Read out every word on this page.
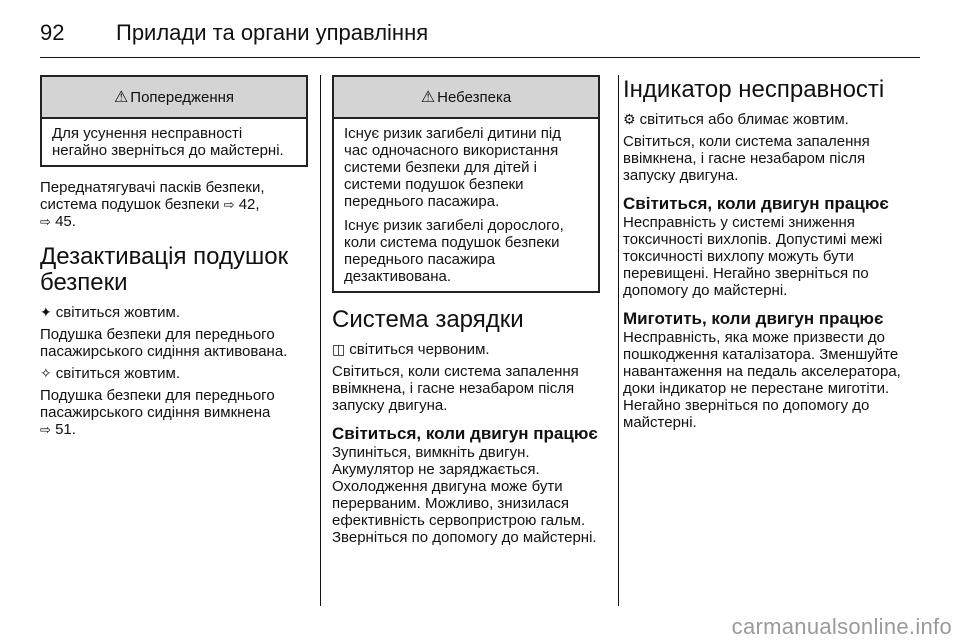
92 Прилади та органи управління
⚠ Попередження

Для усунення несправності негайно зверніться до майстерні.

Переднатягувачі пасків безпеки, система подушок безпеки ⇨ 42,
⇨ 45.

Дезактивація подушок безпеки

✦ світиться жовтим.

Подушка безпеки для переднього пасажирського сидіння активована.

✧ світиться жовтим.

Подушка безпеки для переднього пасажирського сидіння вимкнена
⇨ 51.

⚠ Небезпека

Існує ризик загибелі дитини під час одночасного використання системи безпеки для дітей і системи подушок безпеки переднього пасажира.

Існує ризик загибелі дорослого, коли система подушок безпеки переднього пасажира дезактивована.

Система зарядки

◫ світиться червоним.

Світиться, коли система запалення ввімкнена, і гасне незабаром після запуску двигуна.

Світиться, коли двигун працює

Зупиніться, вимкніть двигун. Акумулятор не заряджається. Охолодження двигуна може бути перерваним. Можливо, знизилася ефективність сервопристрою гальм. Зверніться по допомогу до майстерні.

Індикатор несправності

⚙ світиться або блимає жовтим.

Світиться, коли система запалення ввімкнена, і гасне незабаром після запуску двигуна.

Світиться, коли двигун працює

Несправність у системі зниження токсичності вихлопів. Допустимі межі токсичності вихлопу можуть бути перевищені. Негайно зверніться по допомогу до майстерні.

Миготить, коли двигун працює

Несправність, яка може призвести до пошкодження каталізатора. Зменшуйте навантаження на педаль акселератора, доки індикатор не перестане миготіти. Негайно зверніться по допомогу до майстерні.

carmanualsonline.info
